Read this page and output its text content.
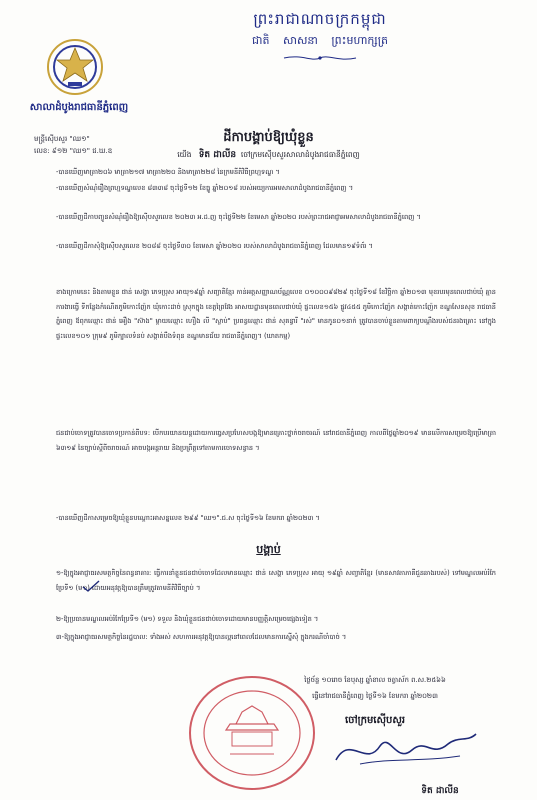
ព្រះរាជាណាចក្រកម្ពុជា
ជាតិ សាសនា ព្រះមហាក្សត្រ
សាលាដំបូងរាជធានីភ្នំពេញ
មន្ត្រីស៊ើបសួរ "ឈ១"
លេខ: ៩១២ "ឈ១" ជ.ឃ.ឌ
ដីកាបង្គាប់ឱ្យឃុំខ្លួន
យើង ទិត ដាលីន ចៅក្រមស៊ើបសួរសាលាដំបូងរាជធានីភ្នំពេញ

-បានឃើញមាត្រា២០៦ មាត្រា២១៧ មាត្រា២២០ និងមាត្រា២២៨ នៃក្រមនីតិវិធីព្រហ្មទណ្ឌ ។

-បានឃើញសំណុំរឿងព្រហ្មទណ្ឌលេខ ៨៣៣៨ ចុះថ្ងៃទី១២ ខែធ្នូ ឆ្នាំ២០១៨ របស់អយ្យការអមសាលាដំបូងរាជធានីភ្នំពេញ ។

-បានឃើញដីកាបញ្ជូនសំណុំរឿងឱ្យស៊ើបសួរលេខ ២០២៣ អ.ដ.ញ ចុះថ្ងៃទី២២ ខែមេសា ឆ្នាំ២០២០ របស់ព្រះរាជអាជ្ញាអមសាលាដំបូងរាជធានីភ្នំពេញ ។

-បានឃើញដីកាសុំឱ្យស៊ើបសួរលេខ ២០៨៨ ចុះថ្ងៃទី៣០ ខែមេសា ឆ្នាំ២០២០ របស់សាលាដំបូងរាជធានីភ្នំពេញ ដែលមាន១៩ទំព័រ ។

ខាងក្រោមនេះ និងតាមខ្លួន ផាន់ សេង្ហា ភេទប្រុស អាយុ១៩ឆ្នាំ សញ្ជាតិខ្មែរ កាន់អត្តសញ្ញាណប័ណ្ណលេខ ០១០០០៩៨២៩ ចុះថ្ងៃទី១៨ ខែវិច្ឆិកា ឆ្នាំ២០១៣ មុខរបរមុនពេលជាប់ឃុំ គ្មានការងារធ្វើ ទីកន្លែងកំណើតភូមិកោះញ៉ែក ឃុំកោះដាច់ ស្រុកក្នុង ខេត្តព្រៃវែង អាសយដ្ឋានមុនពេលជាប់ឃុំ ផ្ទះលេខ១៥៦ ផ្លូវ៤៥៥ ភូមិកោះញ៉ែក សង្កាត់កោះញ៉ែក ខណ្ឌសែនសុខ រាជធានីភ្នំពេញ ឪពុកឈ្មោះ ផាន់ អឿង "ស៊ាង" ម្ដាយឈ្មោះ ហឿង លី "ស្លាប់" ប្រពន្ធឈ្មោះ ផាន់ សុគន្ធារី "រស់" មានកូន០១នាក់ ត្រូវបានចាប់ខ្លួនតាមពាក្យបណ្ដឹងរបស់ជនរងគ្រោះ នៅក្នុងផ្ទះលេខ១០១ ក្រុម៩ ភូមិក្បាលទំនប់ សង្កាត់បឹងទំពុន ខណ្ឌមានជ័យ រាជធានីភ្នំពេញ។ (ឃាតកម្ម)

ជនជាប់ចោទត្រូវបានចោទប្រកាន់ពីបទ: បើកបរយានយន្តដោយការធ្វេសប្រហែសបង្កឱ្យមានគ្រោះថ្នាក់ចរាចរណ៍ នៅរាជធានីភ្នំពេញ កាលពីថ្ងៃឆ្នាំ២០១៩ មានលើការសម្រេចឱ្យប្រើមាត្រា ៦៣១៩ នៃច្បាប់ស្ដីពីចរាចរណ៍ អាចបង្កអន្តរាយ និងប្រព្រឹត្តទៅតាមការចោទសន្ធាន ។

-បានឃើញដីកាសម្រេចឱ្យឃុំខ្លួនបណ្ដោះអាសន្នលេខ ២៩៩ "ឈ១".ជ.ស ចុះថ្ងៃទី១៦ ខែមករា ឆ្នាំ២០២៣ ។

បង្គាប់

១-ឱ្យក្នុងអាជ្ញាធរសមត្ថកិច្ចនៃពន្ធនាគារ: ធ្វើការនាំខ្លួនជនជាប់ចោទដែលមានឈ្មោះ ផាន់ សេង្ហា ភេទប្រុស អាយុ ១៩ឆ្នាំ សញ្ជាតិខ្មែរ (មានសាវតាភាគីជួនឆាងរបស់) ទៅមណ្ឌលអប់រំកែប្រែទី១ (ម១) ដោយអនុវត្តឱ្យបានត្រឹមត្រូវតាមនីតិវិធីច្បាប់ ។

២-ឱ្យប្រធានមណ្ឌលអប់រំកែប្រែទី១ (ម១) ទទួល និងឃុំខ្លួនជនជាប់ចោទដោយមានបញ្ញត្តិសម្រេចផ្សេងទៀត ។

៣-ឱ្យក្នុងអាជ្ញាធរសមត្ថកិច្ចនៃរដ្ឋបាល: ទាំងអស់ សហការអនុវត្តឱ្យបានល្អនៅពេលដែលមានការស្នើសុំ ក្នុងករណីចាំបាច់ ។

ថ្ងៃច័ន្ទ ១០រោច ខែបុស្ស ឆ្នាំខាល ចត្វាស័ក ព.ស.២៥៦៦
ធ្វើនៅរាជធានីភ្នំពេញ ថ្ងៃទី១៦ ខែមករា ឆ្នាំ២០២៣
ចៅក្រមស៊ើបសួរ
ទិត ដាលីន
